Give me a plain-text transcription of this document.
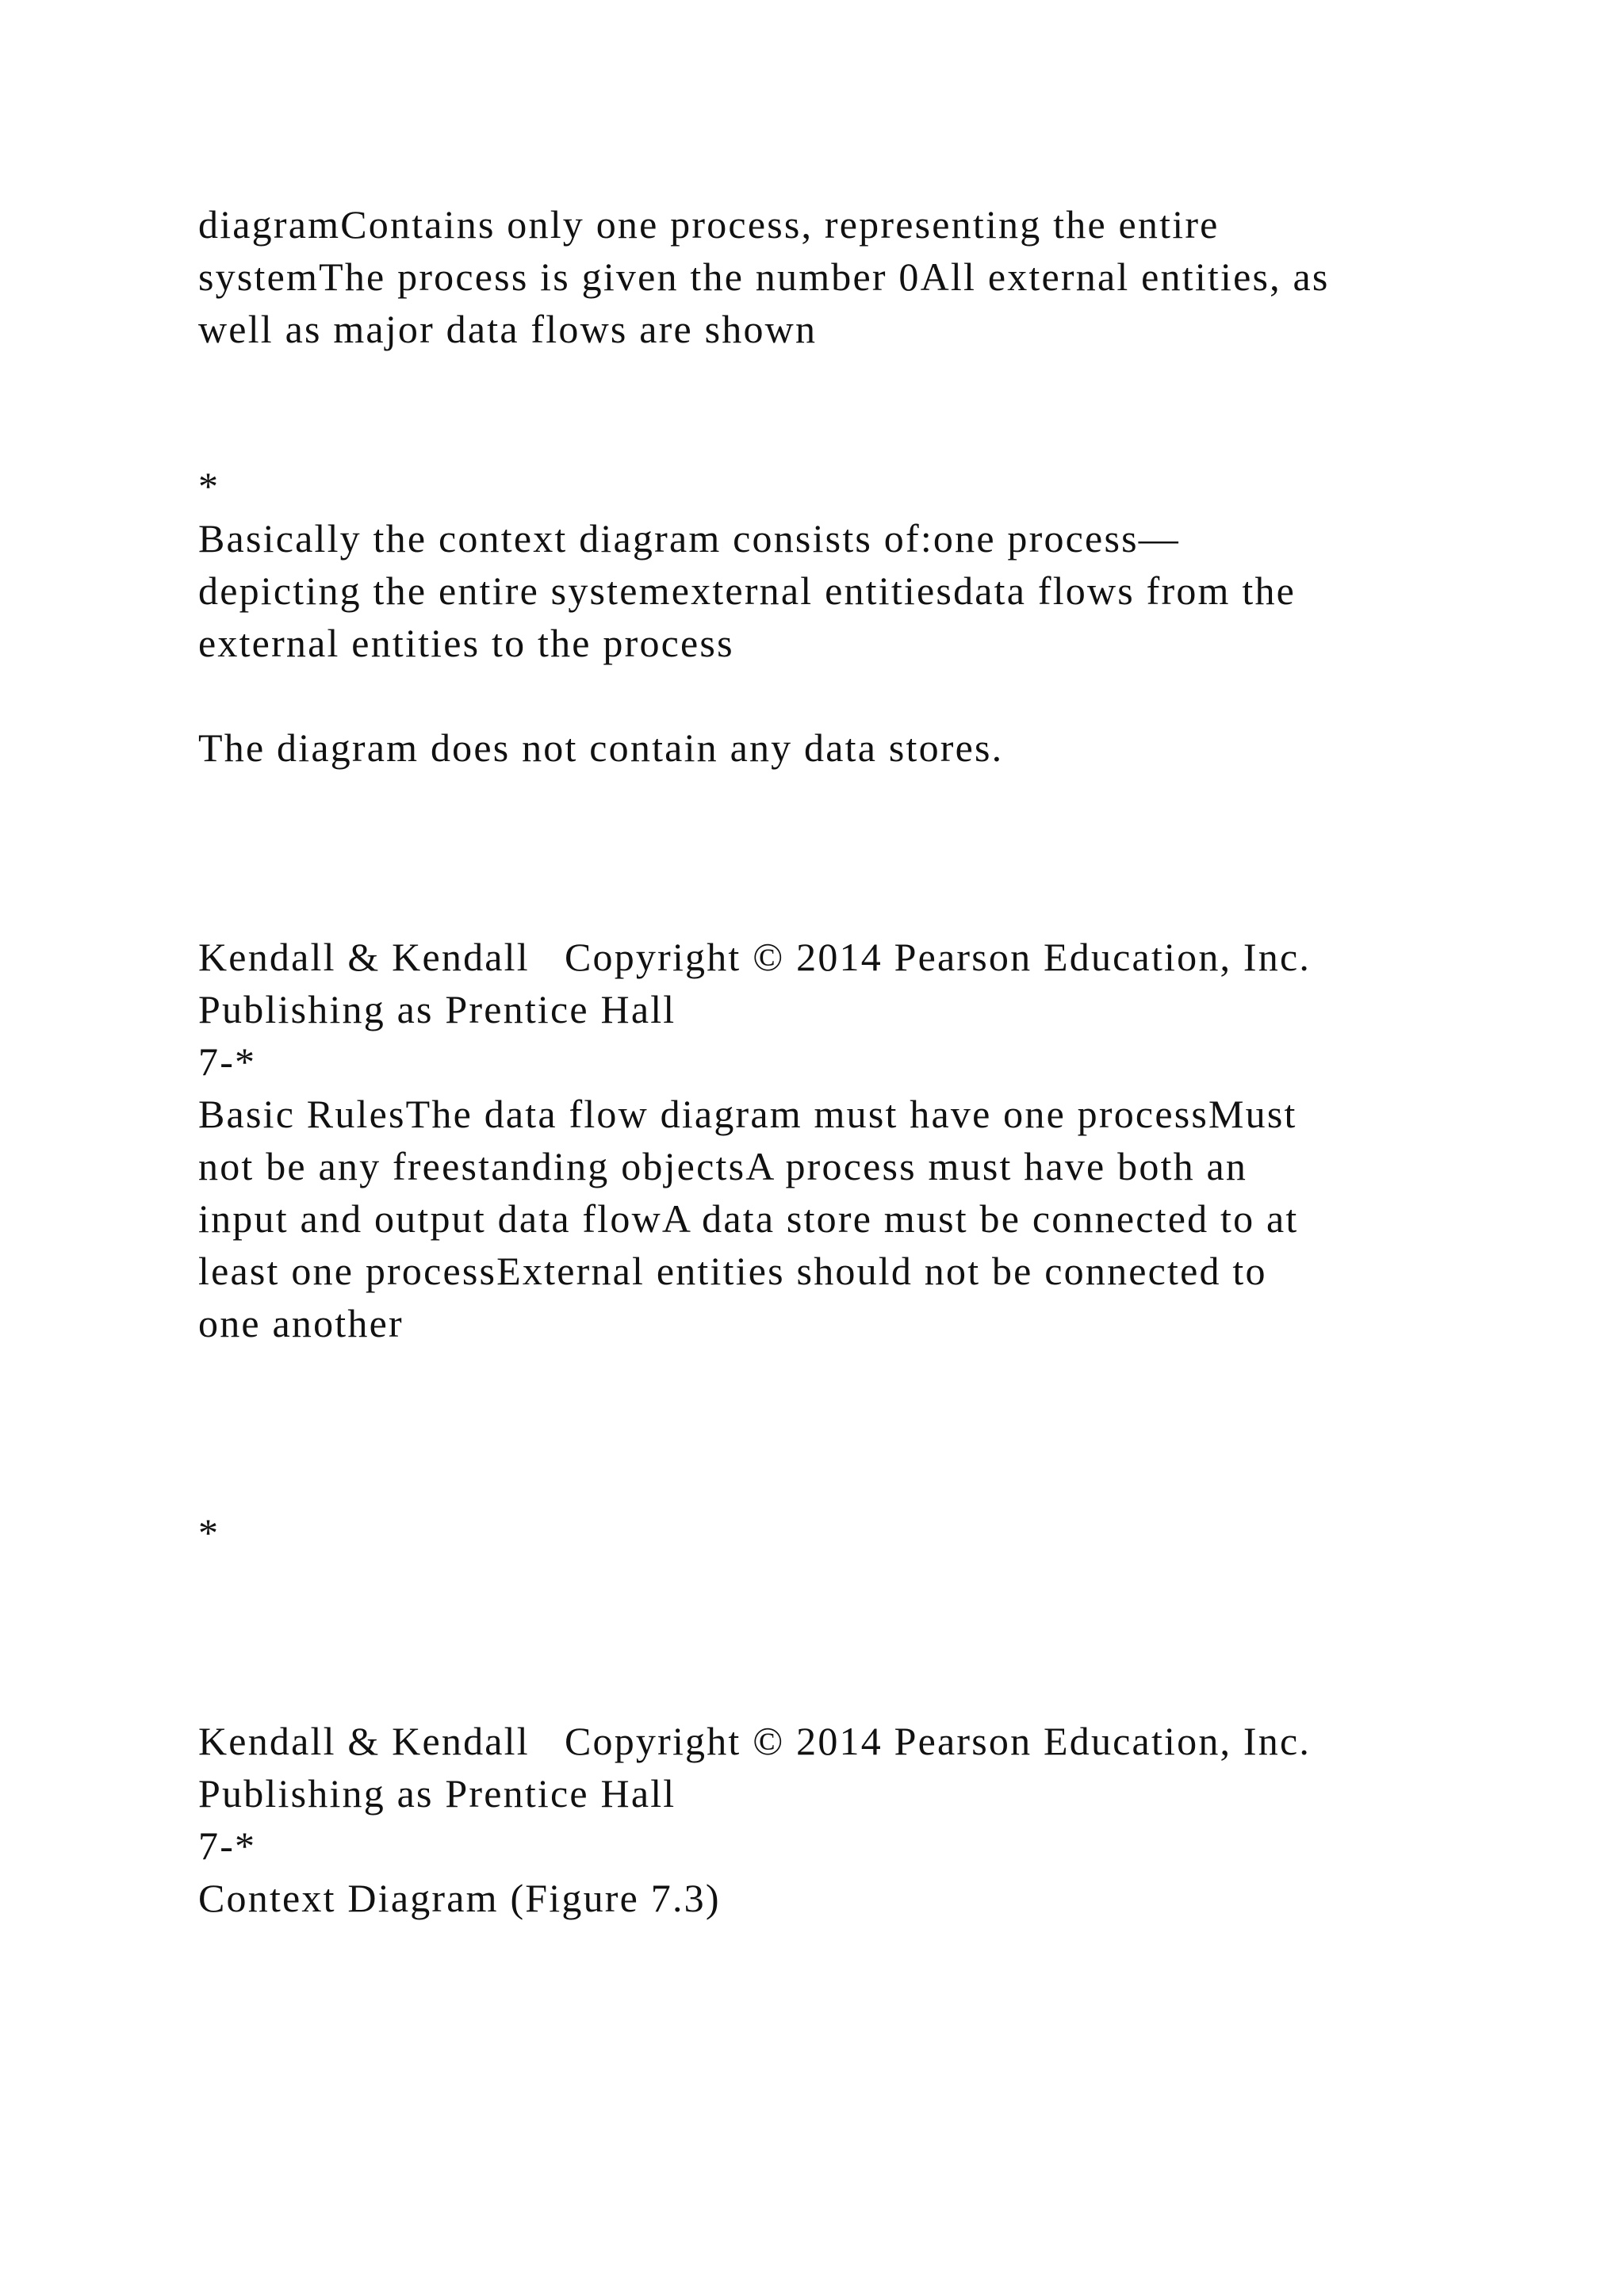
diagramContains only one process, representing the entire

systemThe process is given the number 0All external entities, as

well as major data flows are shown

*

Basically the context diagram consists of:one process—

depicting the entire systemexternal entitiesdata flows from the

external entities to the process

The diagram does not contain any data stores.

Kendall & Kendall   Copyright © 2014 Pearson Education, Inc.

Publishing as Prentice Hall

7-*

Basic RulesThe data flow diagram must have one processMust

not be any freestanding objectsA process must have both an

input and output data flowA data store must be connected to at

least one processExternal entities should not be connected to

one another

*

Kendall & Kendall   Copyright © 2014 Pearson Education, Inc.

Publishing as Prentice Hall

7-*

Context Diagram (Figure 7.3)
